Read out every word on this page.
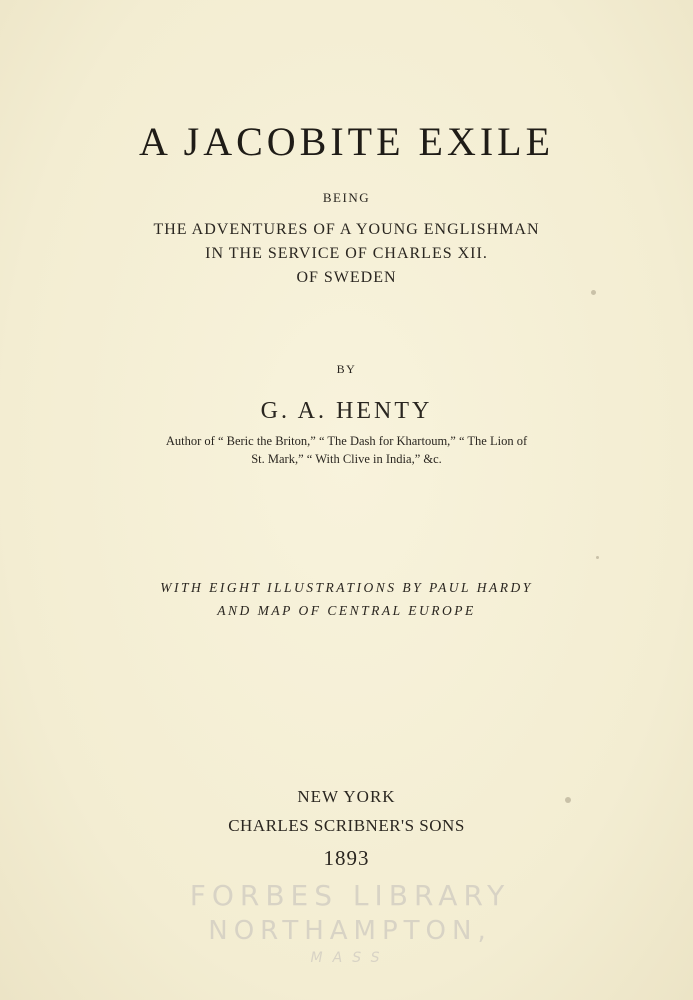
A JACOBITE EXILE
BEING
THE ADVENTURES OF A YOUNG ENGLISHMAN
IN THE SERVICE OF CHARLES XII.
OF SWEDEN
BY
G. A. HENTY
Author of “ Beric the Briton,” “ The Dash for Khartoum,” “ The Lion of
St. Mark,” “ With Clive in India,” &c.
WITH EIGHT ILLUSTRATIONS BY PAUL HARDY
AND MAP OF CENTRAL EUROPE
NEW YORK
CHARLES SCRIBNER'S SONS
1893
FORBES LIBRARY
NORTHAMPTON,
MASS
